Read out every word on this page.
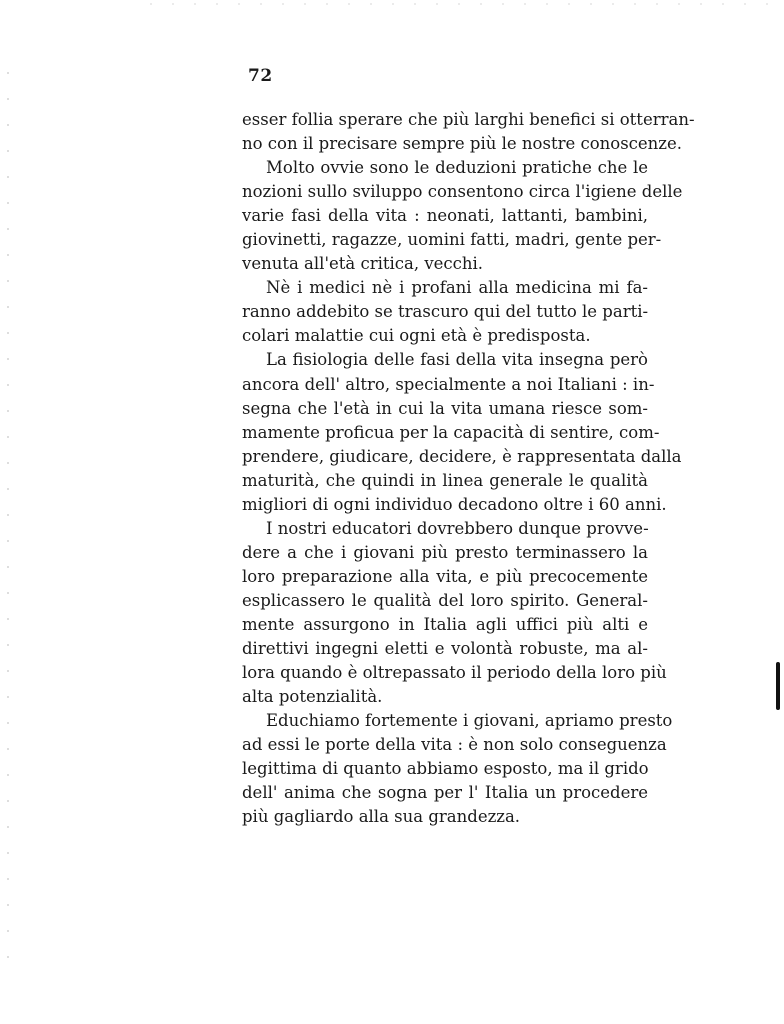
72
esser follia sperare che più larghi benefici si otterran-
no con il precisare sempre più le nostre conoscenze.
Molto ovvie sono le deduzioni pratiche che le
nozioni sullo sviluppo consentono circa l'igiene delle
varie fasi della vita : neonati, lattanti, bambini,
giovinetti, ragazze, uomini fatti, madri, gente per-
venuta all'età critica, vecchi.
Nè i medici nè i profani alla medicina mi fa-
ranno addebito se trascuro qui del tutto le parti-
colari malattie cui ogni età è predisposta.
La fisiologia delle fasi della vita insegna però
ancora dell' altro, specialmente a noi Italiani : in-
segna che l'età in cui la vita umana riesce som-
mamente proficua per la capacità di sentire, com-
prendere, giudicare, decidere, è rappresentata dalla
maturità, che quindi in linea generale le qualità
migliori di ogni individuo decadono oltre i 60 anni.
I nostri educatori dovrebbero dunque provve-
dere a che i giovani più presto terminassero la
loro preparazione alla vita, e più precocemente
esplicassero le qualità del loro spirito. General-
mente assurgono in Italia agli uffici più alti e
direttivi ingegni eletti e volontà robuste, ma al-
lora quando è oltrepassato il periodo della loro più
alta potenzialità.
Educhiamo fortemente i giovani, apriamo presto
ad essi le porte della vita : è non solo conseguenza
legittima di quanto abbiamo esposto, ma il grido
dell' anima che sogna per l' Italia un procedere
più gagliardo alla sua grandezza.
